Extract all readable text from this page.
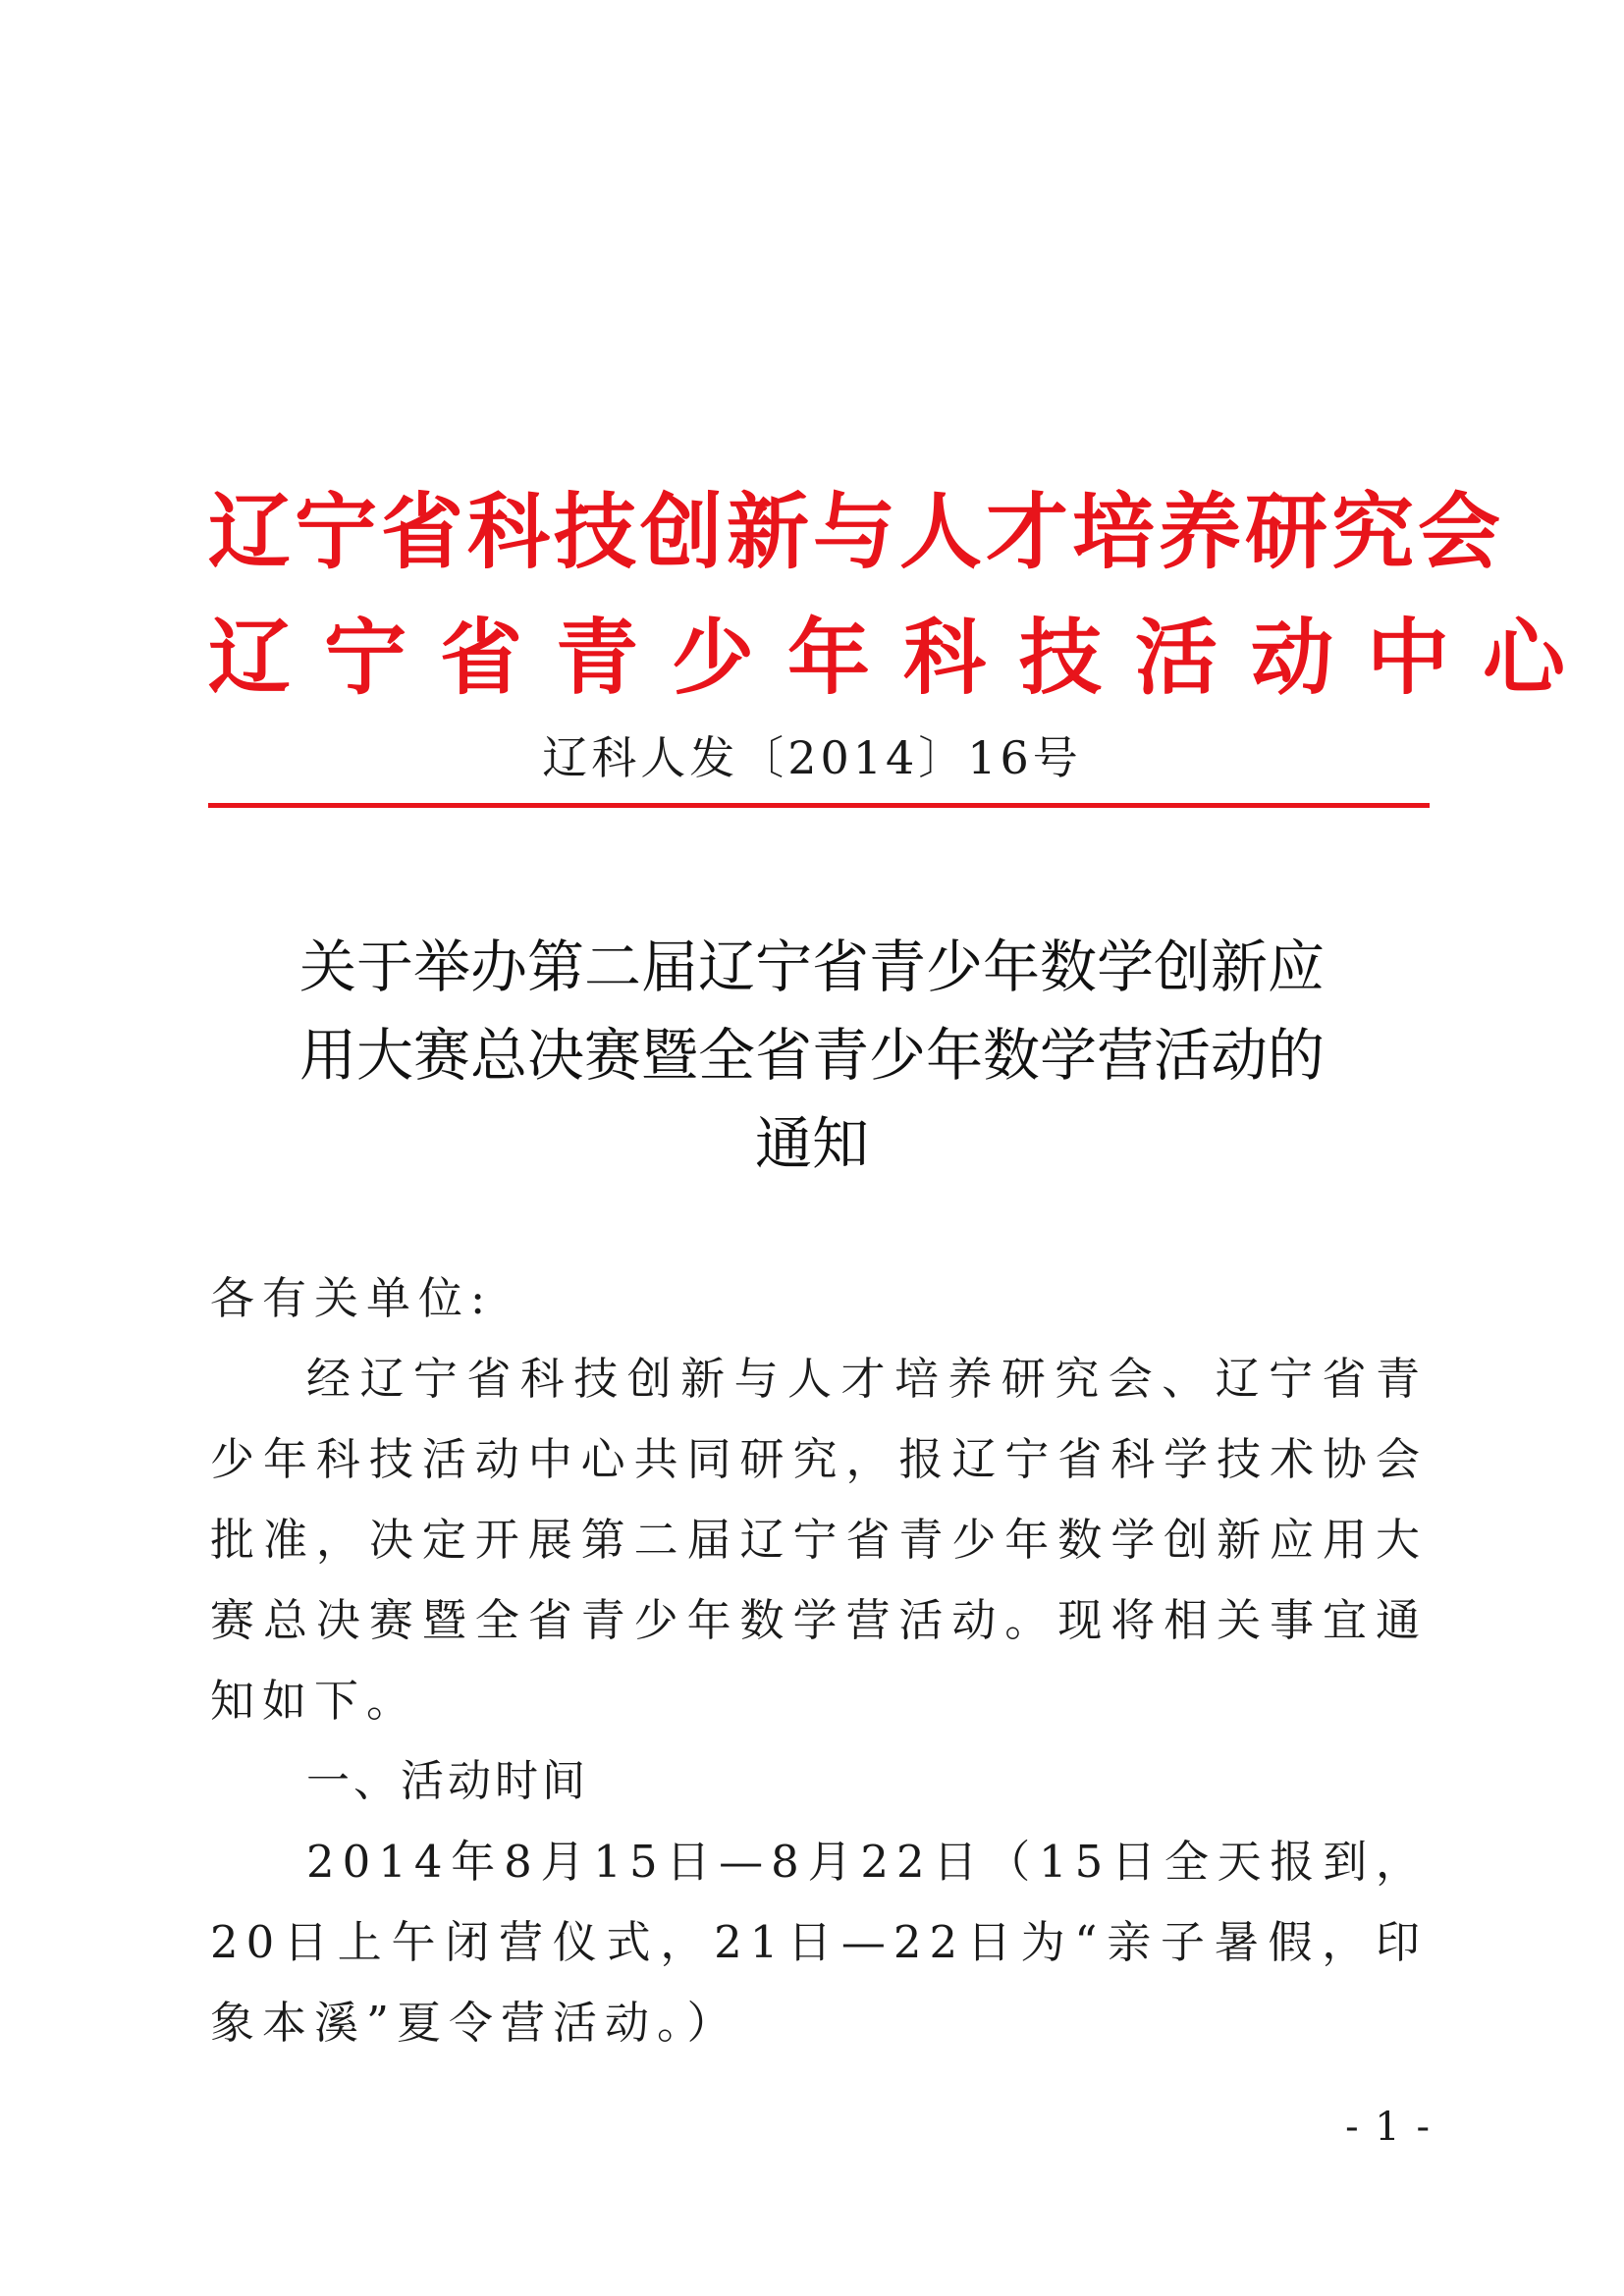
辽宁省科技创新与人才培养研究会
辽宁省青少年科技活动中心
辽科人发〔2014〕16号
关于举办第二届辽宁省青少年数学创新应
用大赛总决赛暨全省青少年数学营活动的
通知

各有关单位:

经辽宁省科技创新与人才培养研究会、辽宁省青少年科技活动中心共同研究，报辽宁省科学技术协会批准，决定开展第二届辽宁省青少年数学创新应用大赛总决赛暨全省青少年数学营活动。现将相关事宜通知如下。

一、活动时间

2014年8月15日—8月22日（15日全天报到，20日上午闭营仪式，21日—22日为“亲子暑假，印象本溪”夏令营活动。）

- 1 -
